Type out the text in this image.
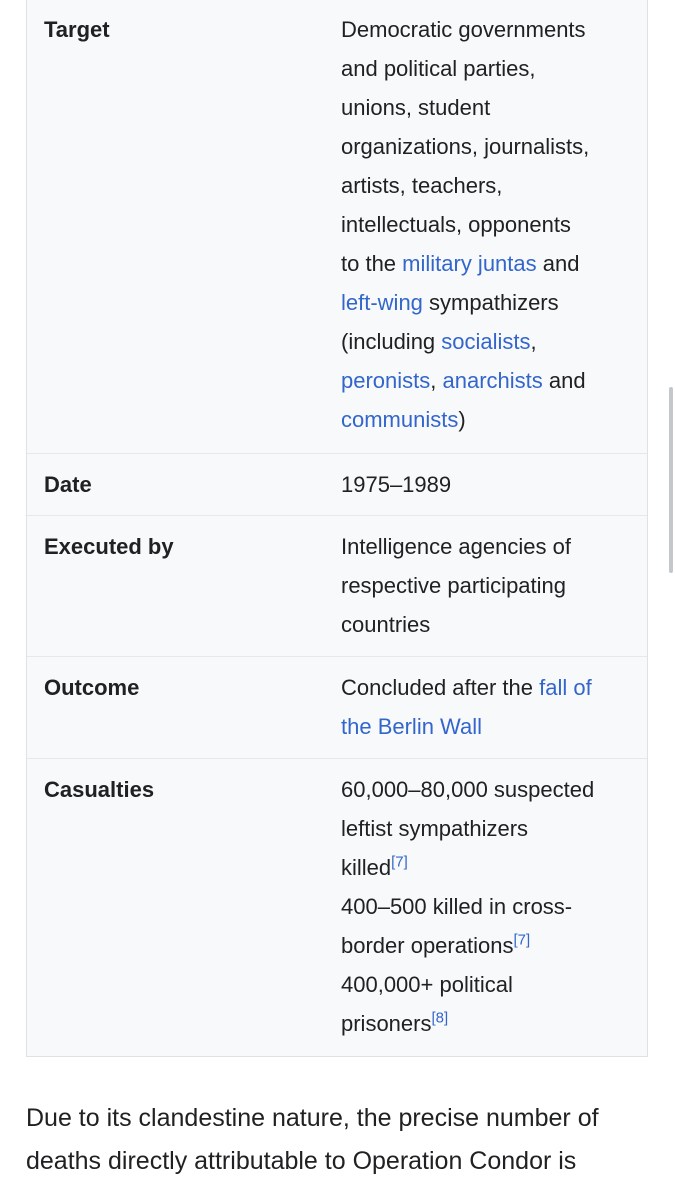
Target	Democratic governments
and political parties,
unions, student
organizations, journalists,
artists, teachers,
intellectuals, opponents
to the military juntas and
left-wing sympathizers
(including socialists,
peronists, anarchists and
communists)
Date	1975–1989
Executed by	Intelligence agencies of
respective participating
countries
Outcome	Concluded after the fall of
the Berlin Wall
Casualties	60,000–80,000 suspected
leftist sympathizers
killed[7]
400–500 killed in cross-
border operations[7]
400,000+ political
prisoners[8]
Due to its clandestine nature, the precise number of
deaths directly attributable to Operation Condor is
